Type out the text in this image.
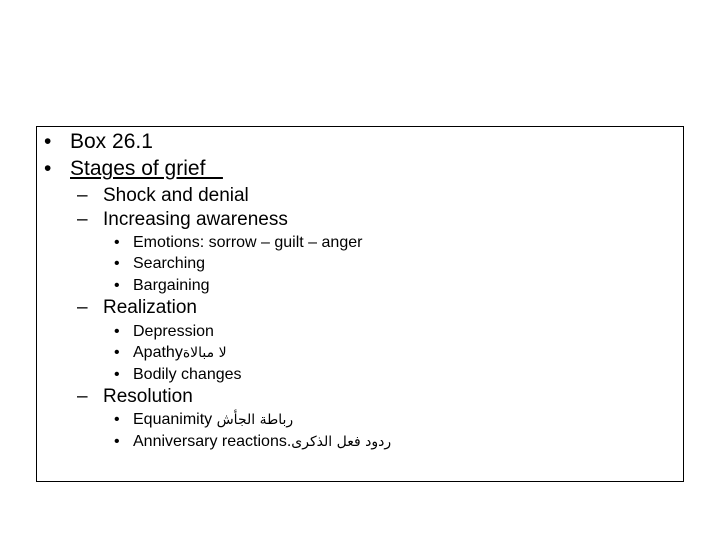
• Box 26.1
• Stages of grief
– Shock and denial
– Increasing awareness
• Emotions: sorrow – guilt – anger
• Searching
• Bargaining
– Realization
• Depression
• Apathyلا مبالاة
• Bodily changes
– Resolution
• Equanimity رباطة الجأش
• Anniversary reactions.ردود فعل الذكرى
